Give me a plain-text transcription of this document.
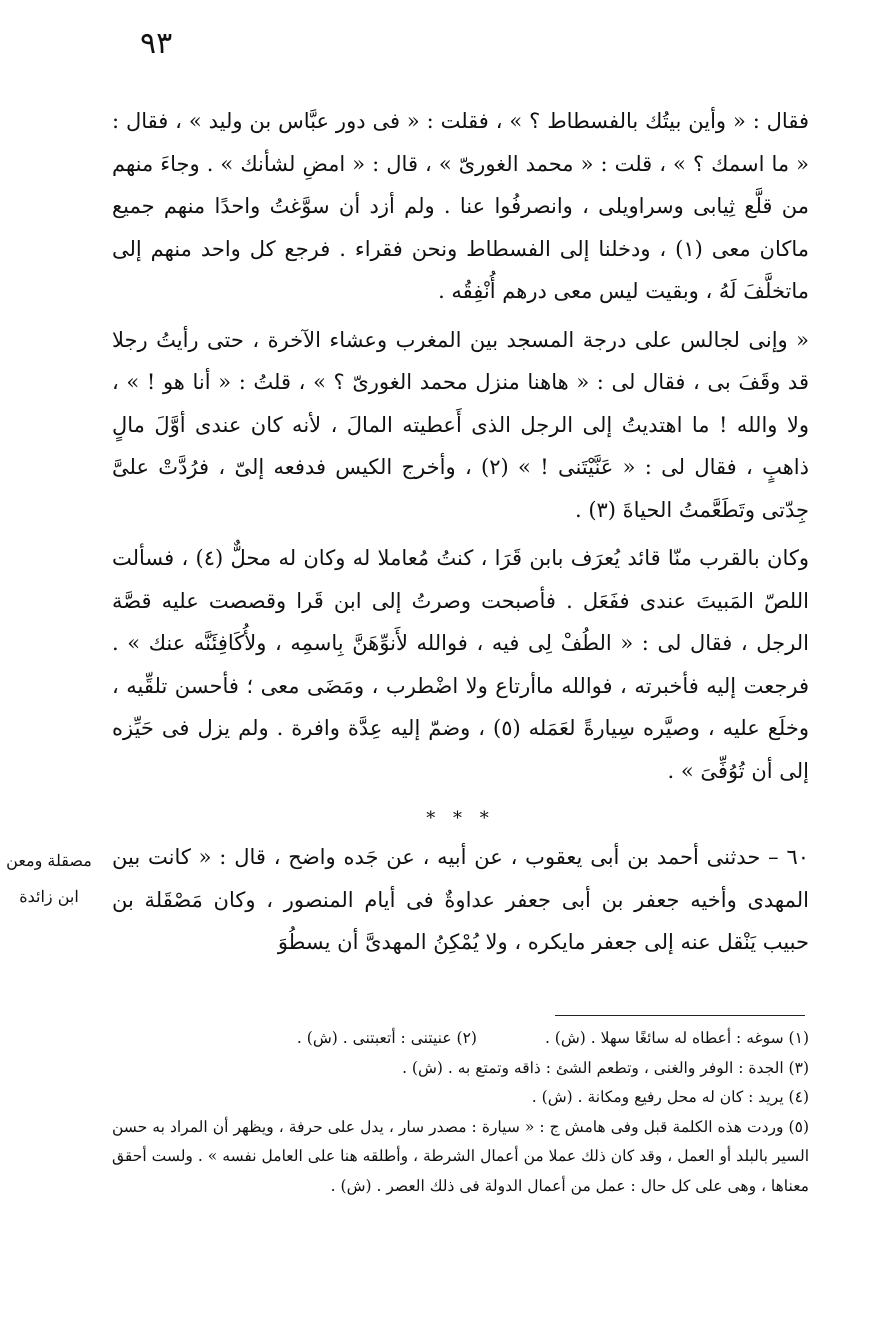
٩٣

فقال : « وأين بيتُك بالفسطاط ؟ » ، فقلت : « فى دور عبَّاس بن وليد » ، فقال : « ما اسمك ؟ » ، قلت : « محمد الغورىّ » ، قال : « امضِ لشأنك » . وجاءَ منهم من قلَّع ثِيابى وسراويلى ، وانصرفُوا عنا . ولم أزد أن سوَّغتُ واحدًا منهم جميع ماكان معى (١) ، ودخلنا إلى الفسطاط ونحن فقراء . فرجع كل واحد منهم إلى ماتخلَّفَ لَهُ ، وبقيت ليس معى درهم أُنْفِقُه .

« وإنى لجالس على درجة المسجد بين المغرب وعشاء الآخرة ، حتى رأيتُ رجلا قد وقَفَ بى ، فقال لى : « هاهنا منزل محمد الغورىّ ؟ » ، قلتُ : « أنا هو ! » ، ولا والله ! ما اهتديتُ إلى الرجل الذى أَعطيته المالَ ، لأنه كان عندى أوَّلَ مالٍ ذاهبٍ ، فقال لى : « عَنَّيْتَنى ! » (٢) ، وأخرج الكيس فدفعه إلىّ ، فرُدَّتْ علىَّ جِدّتى وتَطَعَّمتُ الحياةَ (٣) .

وكان بالقرب منّا قائد يُعرَف بابن قَرَا ، كنتُ مُعاملا له وكان له محلٌّ (٤) ، فسألت اللصّ المَبيتَ عندى ففَعَل . فأصبحت وصرتُ إلى ابن قَرا وقصصت عليه قصَّة الرجل ، فقال لى : « الطُفْ لِى فيه ، فوالله لأَنوِّهَنَّ بِاسمِه ، ولأُكَافِئَنَّه عنك » . فرجعت إليه فأخبرته ، فوالله ماأرتاع ولا اضْطرب ، ومَضَى معى ؛ فأحسن تلقِّيه ، وخلَع عليه ، وصيَّره سِيارةً لعَمَله (٥) ، وضمّ إليه عِدَّة وافرة . ولم يزل فى حَيِّزه إلى أن تُوُفِّىَ » .

* * *

٦٠ – حدثنى أحمد بن أبى يعقوب ، عن أبيه ، عن جَده واضح ، قال : « كانت بين المهدى وأخيه جعفر بن أبى جعفر عداوةٌ فى أيام المنصور ، وكان مَصْقَلة بن حبيب يَنْقل عنه إلى جعفر مايكره ، ولا يُمْكِنُ المهدىَّ أن يسطُوَ

مصقلة ومعن
ابن زائدة
(١) سوغه : أعطاه له سائغًا سهلا . (ش) .
(٢) عنيتنى : أتعبتنى . (ش) .
(٣) الجدة : الوفر والغنى ، وتطعم الشئ : ذاقه وتمتع به . (ش) .
(٤) يريد : كان له محل رفيع ومكانة . (ش) .
(٥) وردت هذه الكلمة قبل وفى هامش ج : « سيارة : مصدر سار ، يدل على حرفة ، ويظهر أن المراد به حسن السير بالبلد أو العمل ، وقد كان ذلك عملا من أعمال الشرطة ، وأطلقه هنا على العامل نفسه » . ولست أحقق معناها ، وهى على كل حال : عمل من أعمال الدولة فى ذلك العصر . (ش) .
